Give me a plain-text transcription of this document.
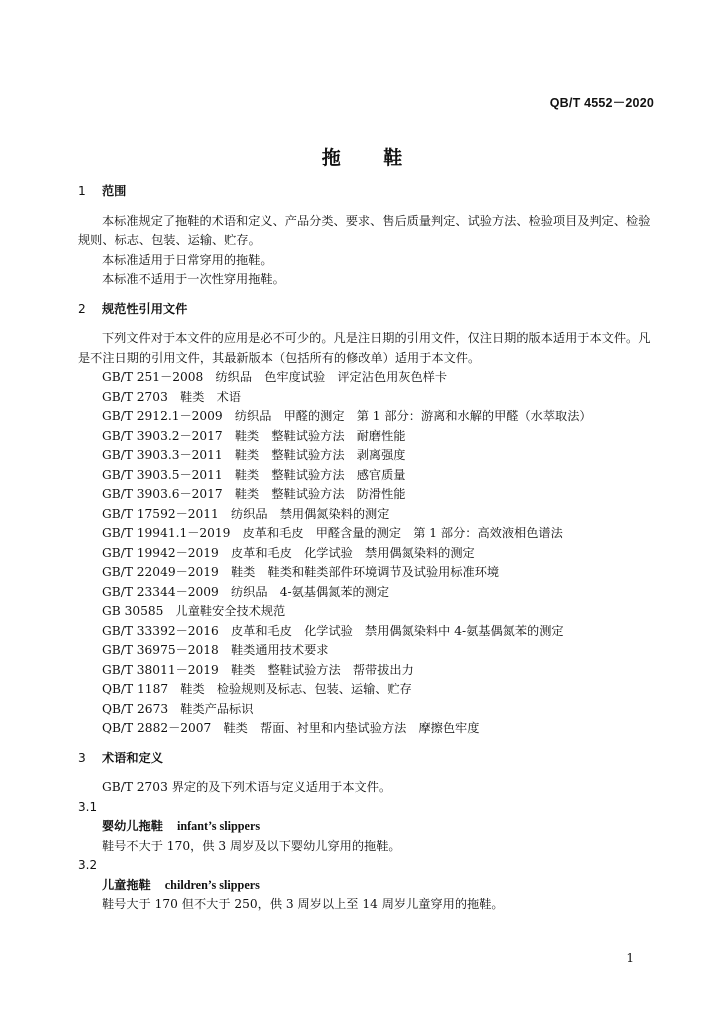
QB/T 4552－2020
拖 鞋

1 范围

本标准规定了拖鞋的术语和定义、产品分类、要求、售后质量判定、试验方法、检验项目及判定、检验规则、标志、包装、运输、贮存。

本标准适用于日常穿用的拖鞋。

本标准不适用于一次性穿用拖鞋。

2 规范性引用文件

下列文件对于本文件的应用是必不可少的。凡是注日期的引用文件，仅注日期的版本适用于本文件。凡是不注日期的引用文件，其最新版本（包括所有的修改单）适用于本文件。

GB/T 251－2008　纺织品　色牢度试验　评定沾色用灰色样卡

GB/T 2703　鞋类　术语

GB/T 2912.1－2009　纺织品　甲醛的测定　第 1 部分：游离和水解的甲醛（水萃取法）

GB/T 3903.2－2017　鞋类　整鞋试验方法　耐磨性能

GB/T 3903.3－2011　鞋类　整鞋试验方法　剥离强度

GB/T 3903.5－2011　鞋类　整鞋试验方法　感官质量

GB/T 3903.6－2017　鞋类　整鞋试验方法　防滑性能

GB/T 17592－2011　纺织品　禁用偶氮染料的测定

GB/T 19941.1－2019　皮革和毛皮　甲醛含量的测定　第 1 部分：高效液相色谱法

GB/T 19942－2019　皮革和毛皮　化学试验　禁用偶氮染料的测定

GB/T 22049－2019　鞋类　鞋类和鞋类部件环境调节及试验用标准环境

GB/T 23344－2009　纺织品　4-氨基偶氮苯的测定

GB 30585　儿童鞋安全技术规范

GB/T 33392－2016　皮革和毛皮　化学试验　禁用偶氮染料中 4-氨基偶氮苯的测定

GB/T 36975－2018　鞋类通用技术要求

GB/T 38011－2019　鞋类　整鞋试验方法　帮带拔出力

QB/T 1187　鞋类　检验规则及标志、包装、运输、贮存

QB/T 2673　鞋类产品标识

QB/T 2882－2007　鞋类　帮面、衬里和内垫试验方法　摩擦色牢度

3 术语和定义

GB/T 2703 界定的及下列术语与定义适用于本文件。

3.1

婴幼儿拖鞋 infant’s slippers

鞋号不大于 170，供 3 周岁及以下婴幼儿穿用的拖鞋。

3.2

儿童拖鞋 children’s slippers

鞋号大于 170 但不大于 250，供 3 周岁以上至 14 周岁儿童穿用的拖鞋。

1
